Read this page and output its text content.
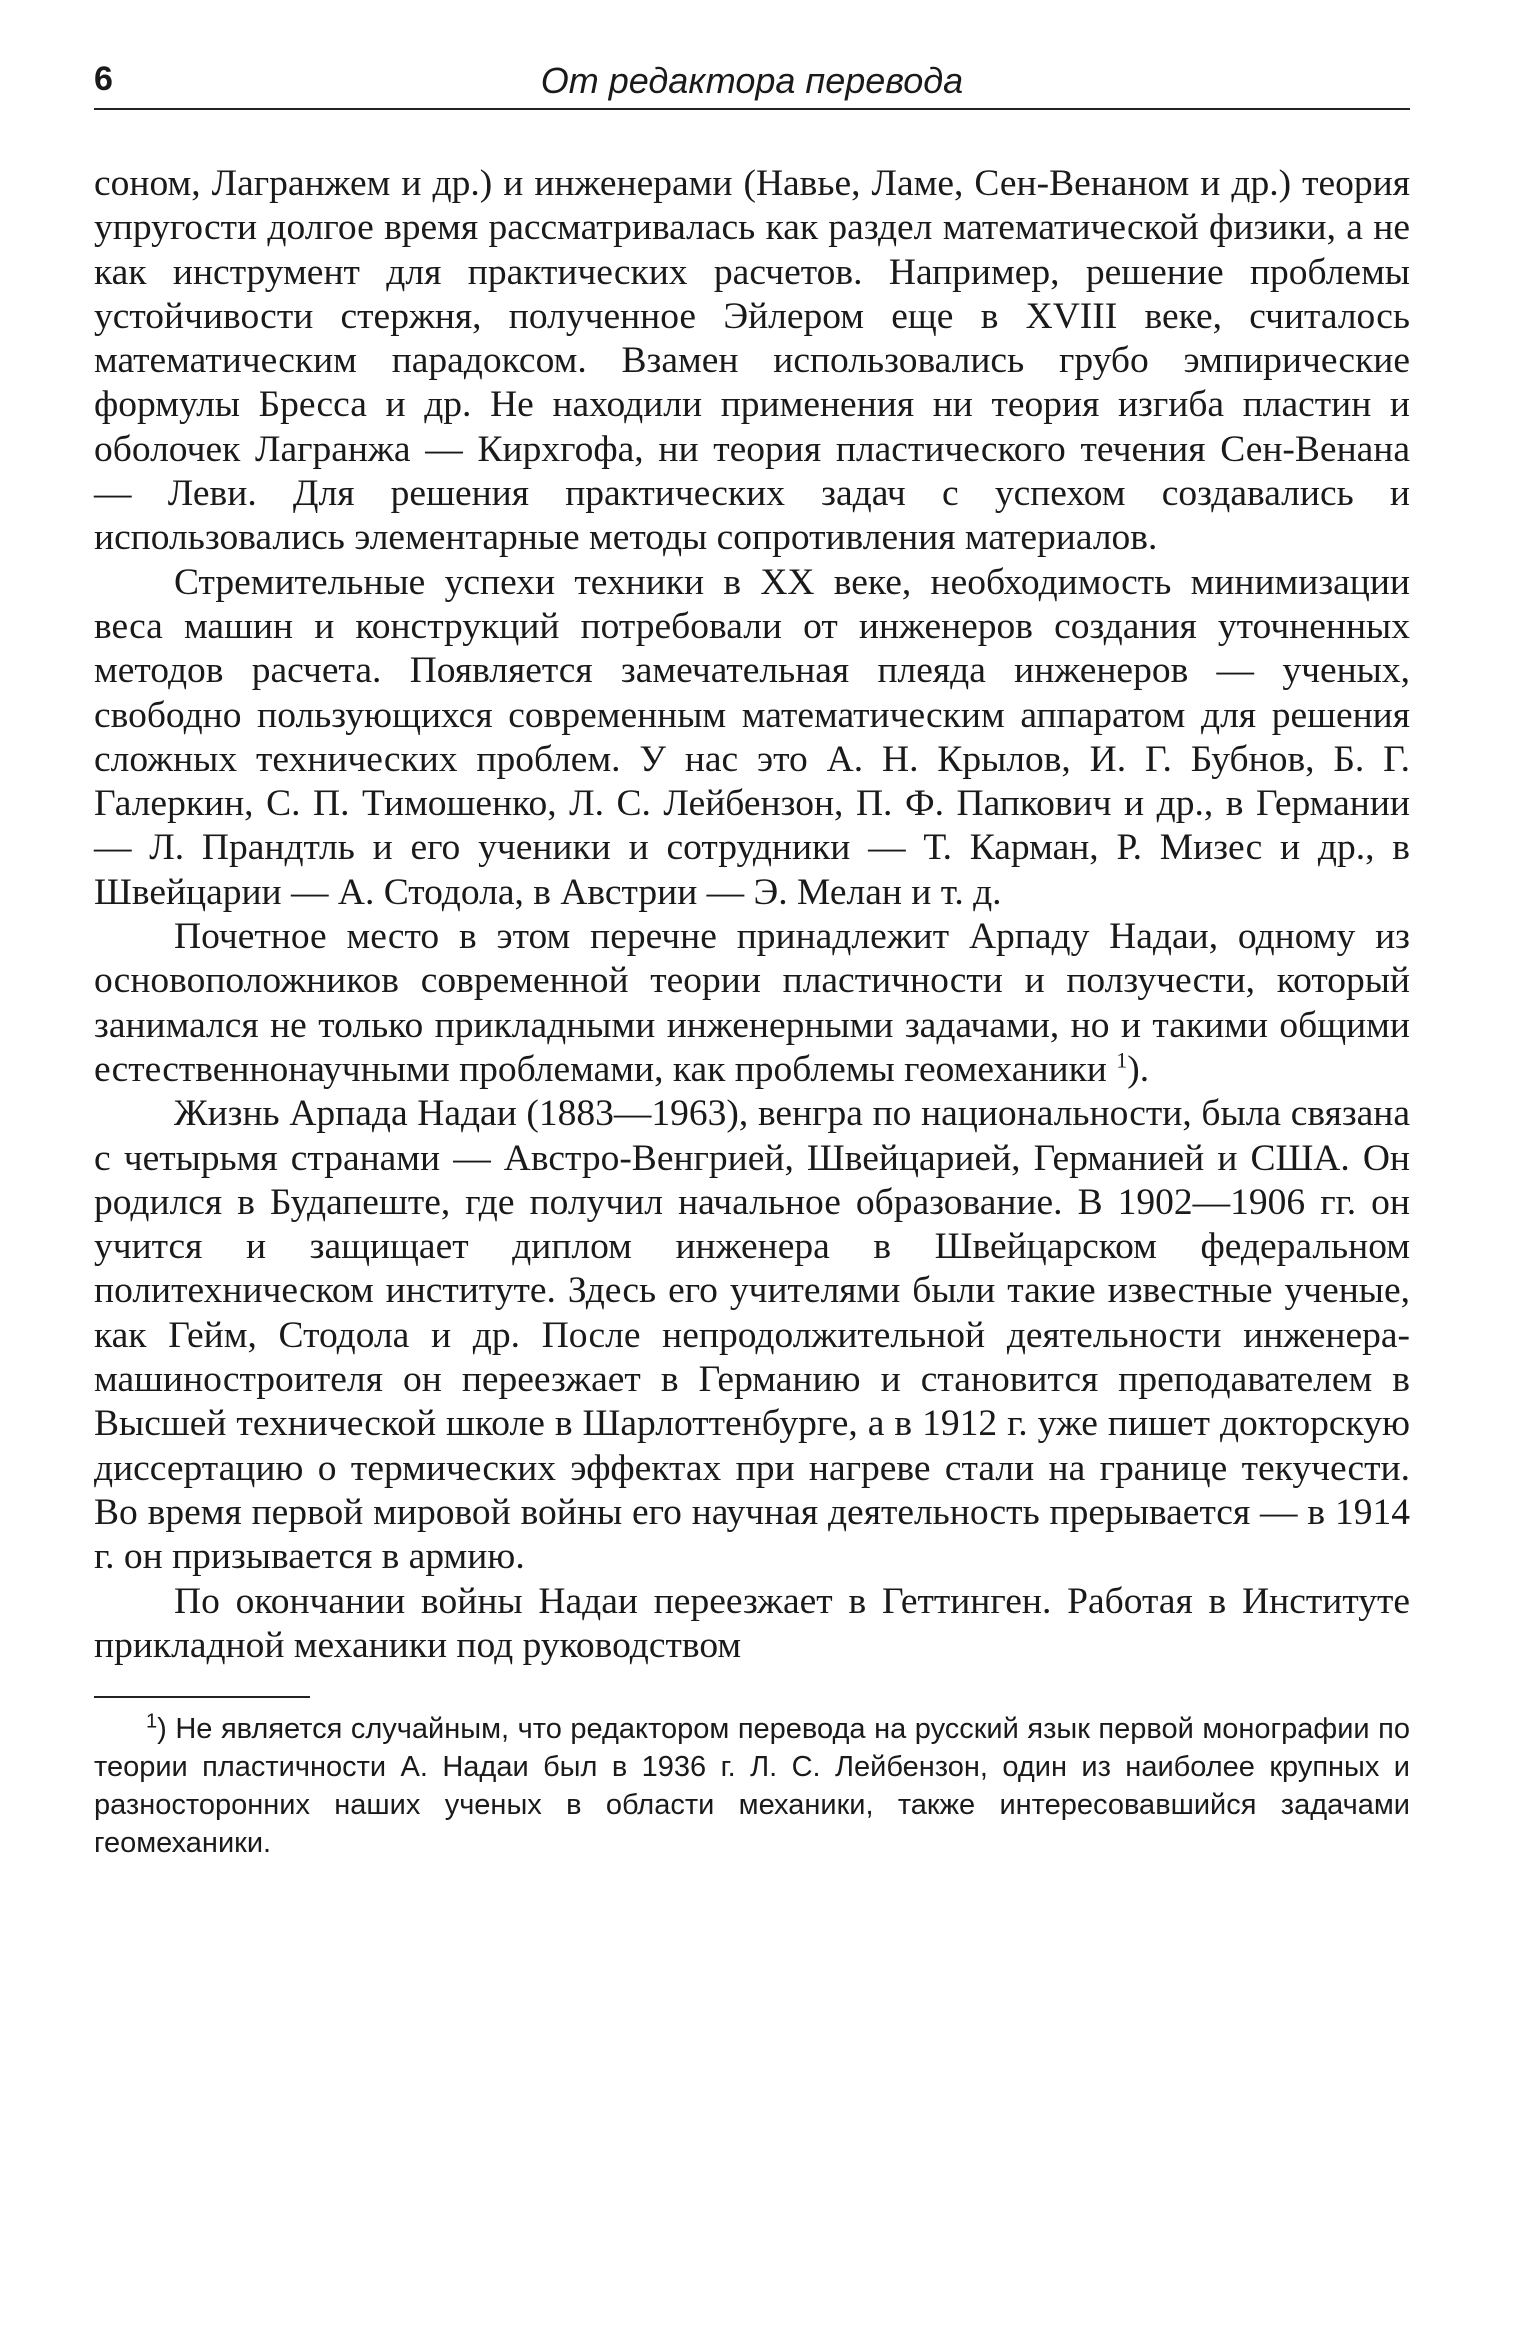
6	От редактора перевода

соном, Лагранжем и др.) и инженерами (Навье, Ламе, Сен-Венаном и др.) теория упругости долгое время рассматривалась как раздел математической физики, а не как инструмент для практических расчетов. Например, решение проблемы устойчивости стержня, полученное Эйлером еще в XVIII веке, считалось математическим парадоксом. Взамен использовались грубо эмпирические формулы Бресса и др. Не находили применения ни теория изгиба пластин и оболочек Лагранжа — Кирхгофа, ни теория пластического течения Сен-Венана — Леви. Для решения практических задач с успехом создавались и использовались элементарные методы сопротивления материалов.

Стремительные успехи техники в XX веке, необходимость минимизации веса машин и конструкций потребовали от инженеров создания уточненных методов расчета. Появляется замечательная плеяда инженеров — ученых, свободно пользующихся современным математическим аппаратом для решения сложных технических проблем. У нас это А. Н. Крылов, И. Г. Бубнов, Б. Г. Галеркин, С. П. Тимошенко, Л. С. Лейбензон, П. Ф. Папкович и др., в Германии — Л. Прандтль и его ученики и сотрудники — Т. Карман, Р. Мизес и др., в Швейцарии — А. Стодола, в Австрии — Э. Мелан и т. д.

Почетное место в этом перечне принадлежит Арпаду Надаи, одному из основоположников современной теории пластичности и ползучести, который занимался не только прикладными инженерными задачами, но и такими общими естественнонаучными проблемами, как проблемы геомеханики $^1$).

Жизнь Арпада Надаи (1883—1963), венгра по национальности, была связана с четырьмя странами — Австро-Венгрией, Швейцарией, Германией и США. Он родился в Будапеште, где получил начальное образование. В 1902—1906 гг. он учится и защищает диплом инженера в Швейцарском федеральном политехническом институте. Здесь его учителями были такие известные ученые, как Гейм, Стодола и др. После непродолжительной деятельности инженера-машиностроителя он переезжает в Германию и становится преподавателем в Высшей технической школе в Шарлоттенбурге, а в 1912 г. уже пишет докторскую диссертацию о термических эффектах при нагреве стали на границе текучести. Во время первой мировой войны его научная деятельность прерывается — в 1914 г. он призывается в армию.

По окончании войны Надаи переезжает в Геттинген. Работая в Институте прикладной механики под руководством

$^1$) Не является случайным, что редактором перевода на русский язык первой монографии по теории пластичности А. Надаи был в 1936 г. Л. С. Лейбензон, один из наиболее крупных и разносторонних наших ученых в области механики, также интересовавшийся задачами геомеханики.
